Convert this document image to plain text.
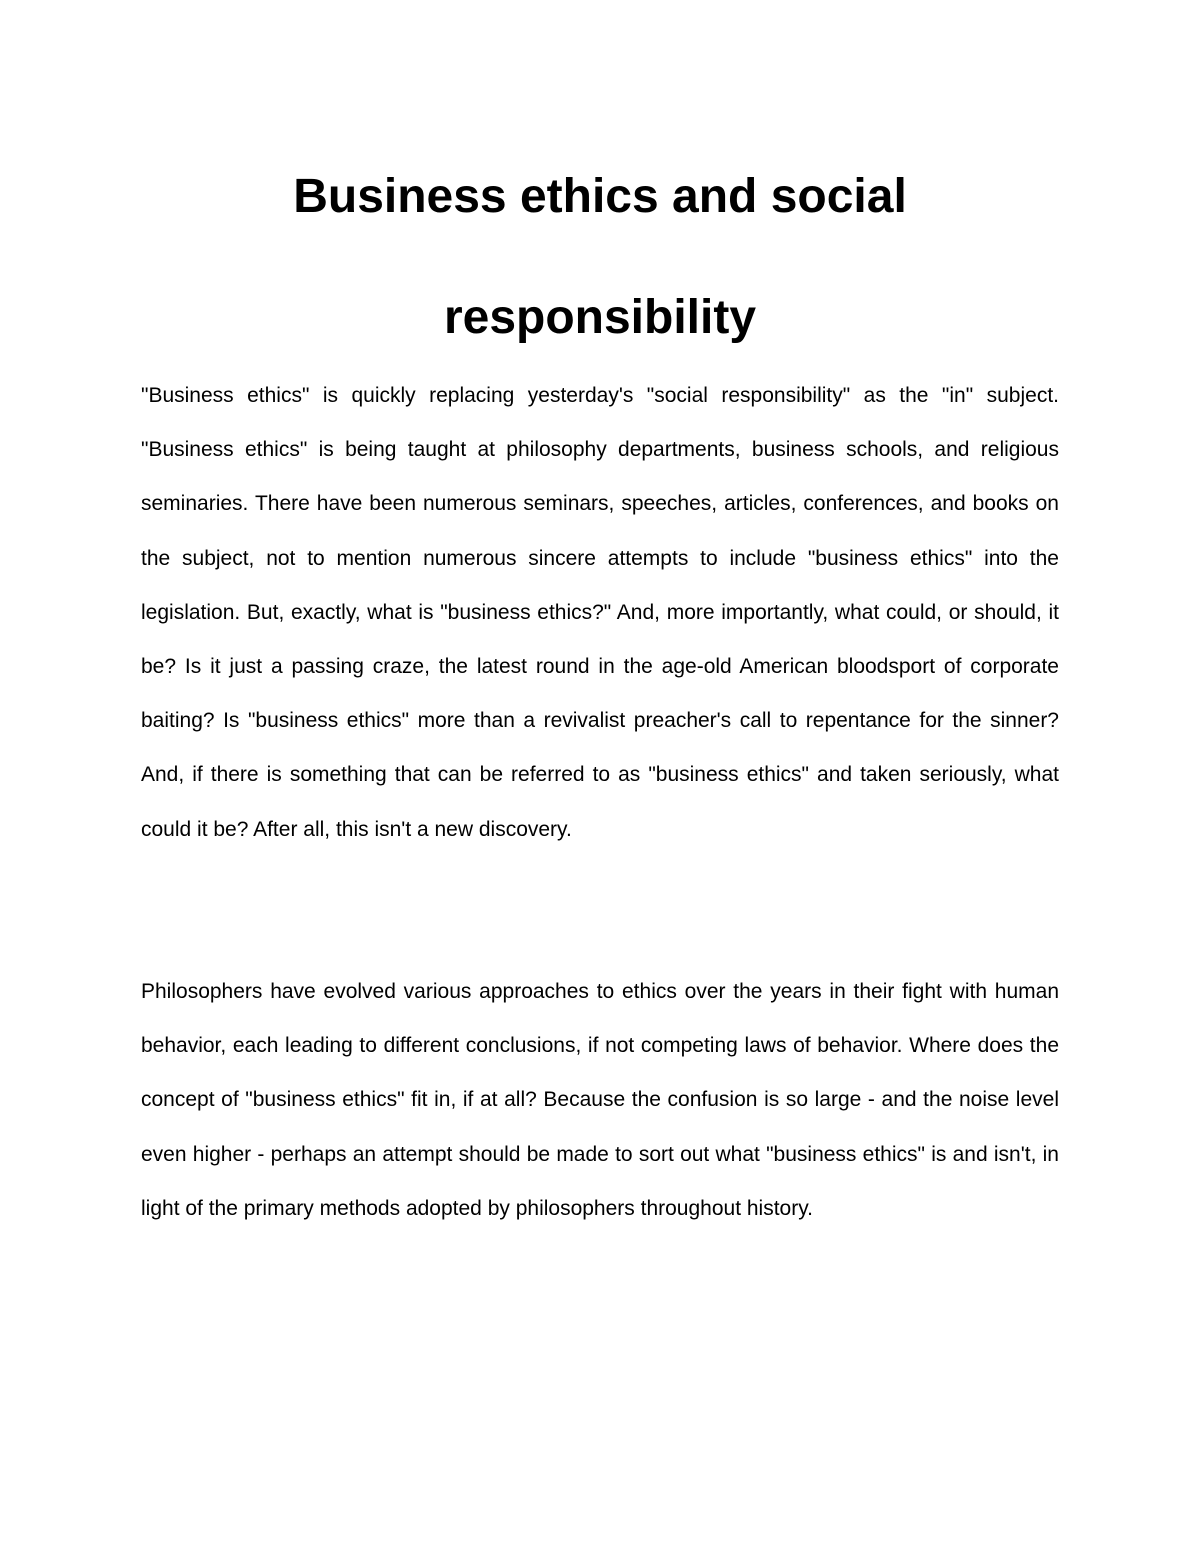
Business ethics and social
responsibility

"Business ethics" is quickly replacing yesterday's "social responsibility" as the "in" subject. "Business ethics" is being taught at philosophy departments, business schools, and religious seminaries. There have been numerous seminars, speeches, articles, conferences, and books on the subject, not to mention numerous sincere attempts to include "business ethics" into the legislation. But, exactly, what is "business ethics?" And, more importantly, what could, or should, it be? Is it just a passing craze, the latest round in the age-old American bloodsport of corporate baiting? Is "business ethics" more than a revivalist preacher's call to repentance for the sinner? And, if there is something that can be referred to as "business ethics" and taken seriously, what could it be? After all, this isn't a new discovery.

Philosophers have evolved various approaches to ethics over the years in their fight with human behavior, each leading to different conclusions, if not competing laws of behavior. Where does the concept of "business ethics" fit in, if at all? Because the confusion is so large - and the noise level even higher - perhaps an attempt should be made to sort out what "business ethics" is and isn't, in light of the primary methods adopted by philosophers throughout history.
